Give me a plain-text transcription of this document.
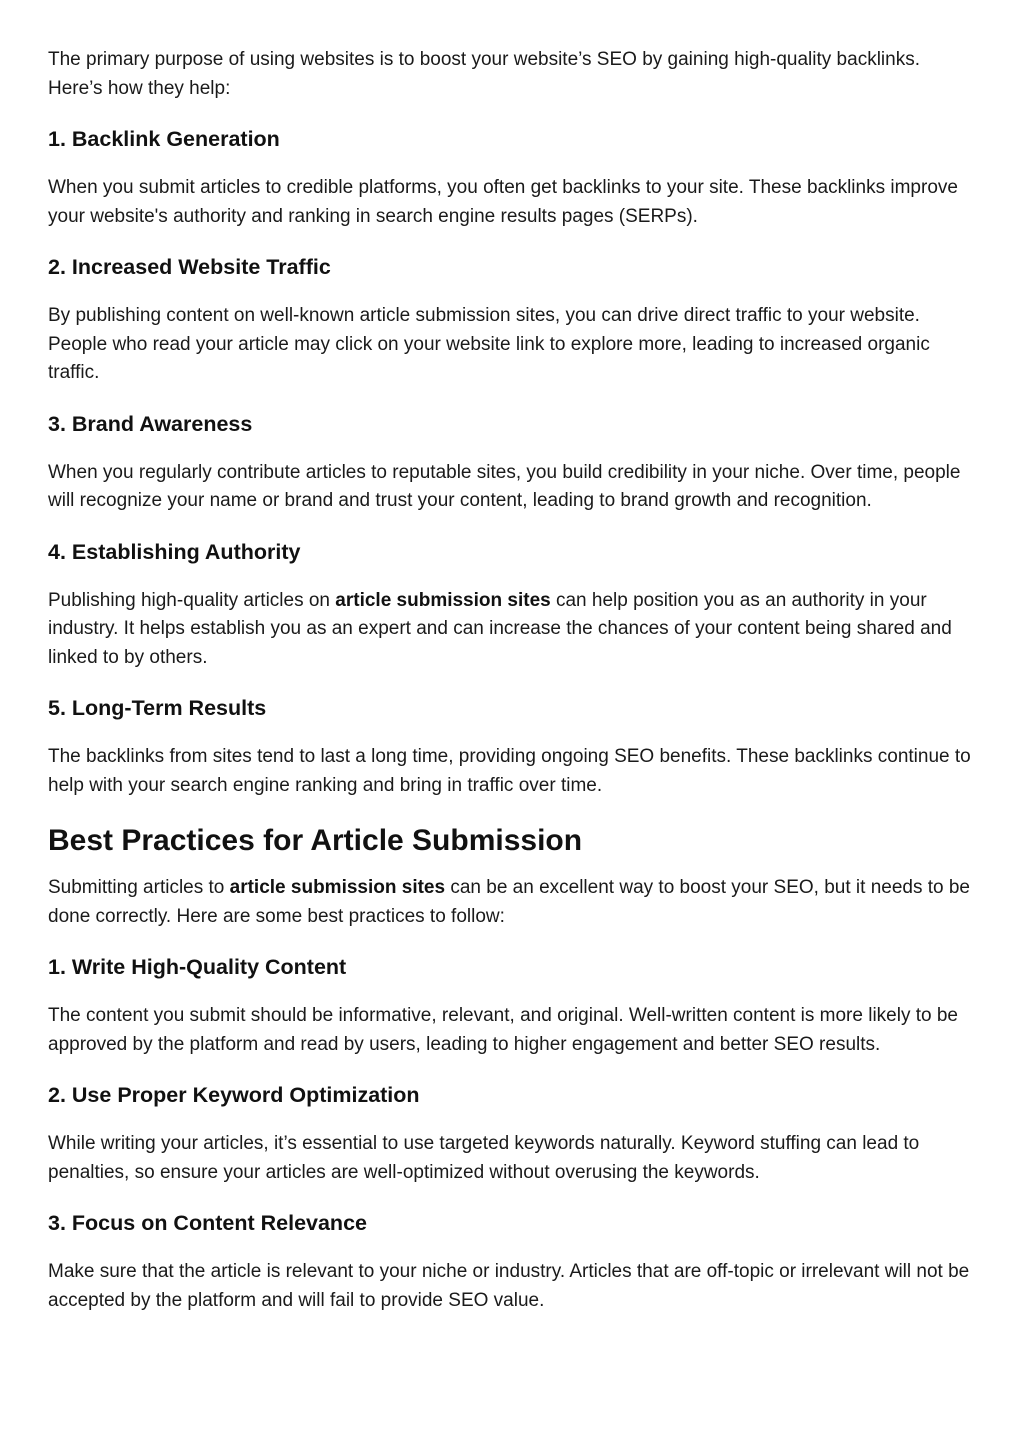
The primary purpose of using websites is to boost your website’s SEO by gaining high-quality backlinks. Here’s how they help:

1. Backlink Generation

When you submit articles to credible platforms, you often get backlinks to your site. These backlinks improve your website's authority and ranking in search engine results pages (SERPs).

2. Increased Website Traffic

By publishing content on well-known article submission sites, you can drive direct traffic to your website. People who read your article may click on your website link to explore more, leading to increased organic traffic.

3. Brand Awareness

When you regularly contribute articles to reputable sites, you build credibility in your niche. Over time, people will recognize your name or brand and trust your content, leading to brand growth and recognition.

4. Establishing Authority

Publishing high-quality articles on article submission sites can help position you as an authority in your industry. It helps establish you as an expert and can increase the chances of your content being shared and linked to by others.

5. Long-Term Results

The backlinks from sites tend to last a long time, providing ongoing SEO benefits. These backlinks continue to help with your search engine ranking and bring in traffic over time.

Best Practices for Article Submission

Submitting articles to article submission sites can be an excellent way to boost your SEO, but it needs to be done correctly. Here are some best practices to follow:

1. Write High-Quality Content

The content you submit should be informative, relevant, and original. Well-written content is more likely to be approved by the platform and read by users, leading to higher engagement and better SEO results.

2. Use Proper Keyword Optimization

While writing your articles, it’s essential to use targeted keywords naturally. Keyword stuffing can lead to penalties, so ensure your articles are well-optimized without overusing the keywords.

3. Focus on Content Relevance

Make sure that the article is relevant to your niche or industry. Articles that are off-topic or irrelevant will not be accepted by the platform and will fail to provide SEO value.
